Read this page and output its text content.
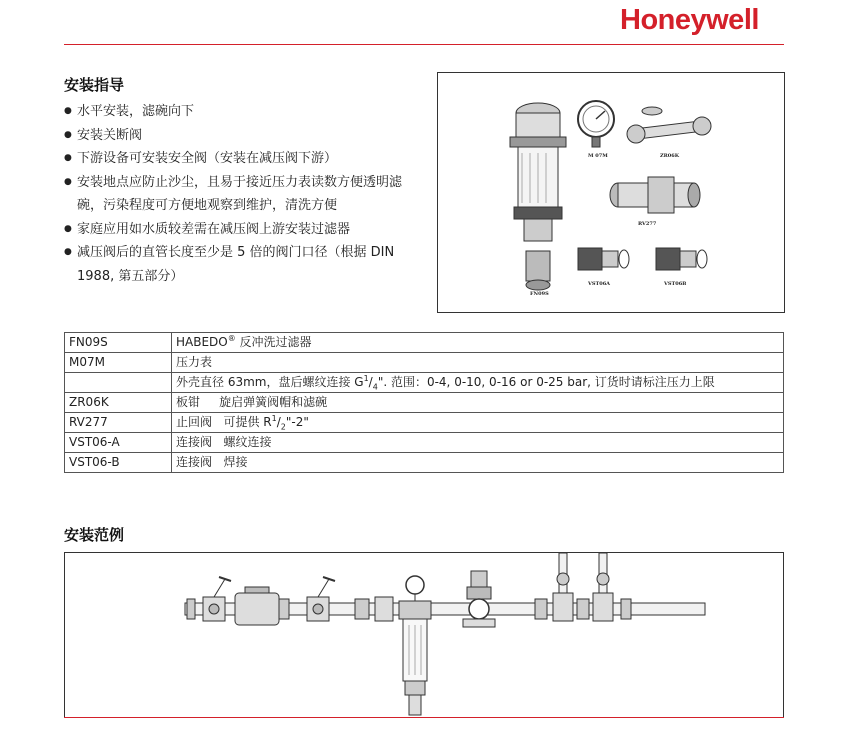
Honeywell
安装指导
● 水平安装，滤碗向下
● 安装关断阀
● 下游设备可安装安全阀（安装在减压阀下游）
● 安装地点应防止沙尘，且易于接近压力表读数方便透明滤碗，污染程度可方便地观察到维护，清洗方便
● 家庭应用如水质较差需在减压阀上游安装过滤器
● 减压阀后的直管长度至少是 5 倍的阀门口径（根据 DIN 1988, 第五部分）
FN09S
M 07M	ZR06K
RV277
VST06A	VST06B
FN09S	HABEDO® 反冲洗过滤器
M07M	压力表
	外壳直径 63mm，盘后螺纹连接 $G^1/_4$". 范围：0-4, 0-10, 0-16 or 0-25 bar, 订货时请标注压力上限
ZR06K	板钳     旋启弹簧阀帽和滤碗
RV277	止回阀   可提供 $R^1/_2"-2$"
VST06-A	连接阀   螺纹连接
VST06-B	连接阀   焊接
安装范例
